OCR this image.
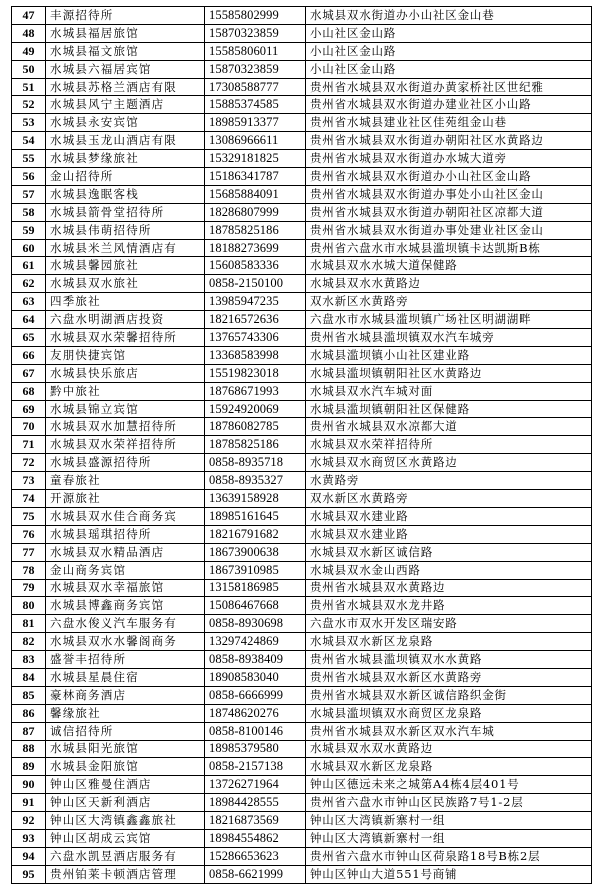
47	丰源招待所	15585802999	水城县双水街道办小山社区金山巷
48	水城县福居旅馆	15870323859	小山社区金山路
49	水城县福文旅馆	15585806011	小山社区金山路
50	水城县六福居宾馆	15870323859	小山社区金山路
51	水城县苏格兰酒店有限	17308588777	贵州省水城县双水街道办黄家桥社区世纪雅
52	水城县风宁主题酒店	15885374585	贵州省水城县双水街道办建业社区小山路
53	水城县永安宾馆	18985913377	贵州省水城县建业社区佳苑组金山巷
54	水城县玉龙山酒店有限	13086966611	贵州省水城县双水街道办朝阳社区水黄路边
55	水城县梦缘旅社	15329181825	贵州省水城县双水街道办水城大道旁
56	金山招待所	15186341787	贵州省水城县双水街道办小山社区金山路
57	水城县逸眠客栈	15685884091	贵州省水城县双水街道办事处小山社区金山
58	水城县箭骨堂招待所	18286807999	贵州省水城县双水街道办朝阳社区凉都大道
59	水城县伟萌招待所	18785825186	贵州省水城县双水街道办事处建业社区金山
60	水城县米兰风情酒店有	18188273699	贵州省六盘水市水城县滥坝镇卡达凯斯B栋
61	水城县馨园旅社	15608583336	水城县双水水城大道保健路
62	水城县双水旅社	0858-2150100	水城县双水水黄路边
63	四季旅社	13985947235	双水新区水黄路旁
64	六盘水明湖酒店投资	18216572636	六盘水市水城县滥坝镇广场社区明湖湖畔
65	水城县双水荣馨招待所	13765743306	贵州省水城县滥坝镇双水汽车城旁
66	友朋快捷宾馆	13368583998	水城县滥坝镇小山社区建业路
67	水城县快乐旅店	15519823018	水城县滥坝镇朝阳社区水黄路边
68	黔中旅社	18768671993	水城县双水汽车城对面
69	水城县锦立宾馆	15924920069	水城县滥坝镇朝阳社区保健路
70	水城县双水加慧招待所	18786082785	贵州省水城县双水凉都大道
71	水城县双水荣祥招待所	18785825186	水城县双水荣祥招待所
72	水城县盛源招待所	0858-8935718	水城县双水商贸区水黄路边
73	童春旅社	0858-8935327	水黄路旁
74	开源旅社	13639158928	双水新区水黄路旁
75	水城县双水佳合商务宾	18985161645	水城县双水建业路
76	水城县瑶琪招待所	18216791682	水城县双水建业路
77	水城县双水精品酒店	18673900638	水城县双水新区诚信路
78	金山商务宾馆	18673910985	水城县双水金山西路
79	水城县双水幸福旅馆	13158186985	贵州省水城县双水黄路边
80	水城县博鑫商务宾馆	15086467668	贵州省水城县双水龙井路
81	六盘水俊义汽车服务有	0858-8930698	六盘水市双水开发区瑞安路
82	水城县双水水馨阁商务	13297424869	水城县双水新区龙泉路
83	盛誉丰招待所	0858-8938409	贵州省水城县滥坝镇双水水黄路
84	水城县星晨住宿	18908583040	贵州省水城县双水新区水黄路旁
85	豪林商务酒店	0858-6666999	贵州省水城县双水新区诚信路织金街
86	馨缘旅社	18748620276	水城县滥坝镇双水商贸区龙泉路
87	诚信招待所	0858-8100146	贵州省水城县双水新区双水汽车城
88	水城县阳光旅馆	18985379580	水城县双水双水黄路边
89	水城县金阳旅馆	0858-2157138	水城县双水新区龙泉路
90	钟山区雅曼住酒店	13726271964	钟山区德远未来之城第A4栋4层401号
91	钟山区天新利酒店	18984428555	贵州省六盘水市钟山区民族路7号1-2层
92	钟山区大湾镇鑫鑫旅社	18216873569	钟山区大湾镇新寨村一组
93	钟山区胡成云宾馆	18984554862	钟山区大湾镇新寨村一组
94	六盘水凯昱酒店服务有	15286653623	贵州省六盘水市钟山区荷泉路18号B栋2层
95	贵州铂莱卡顿酒店管理	0858-6621999	钟山区钟山大道551号商铺
